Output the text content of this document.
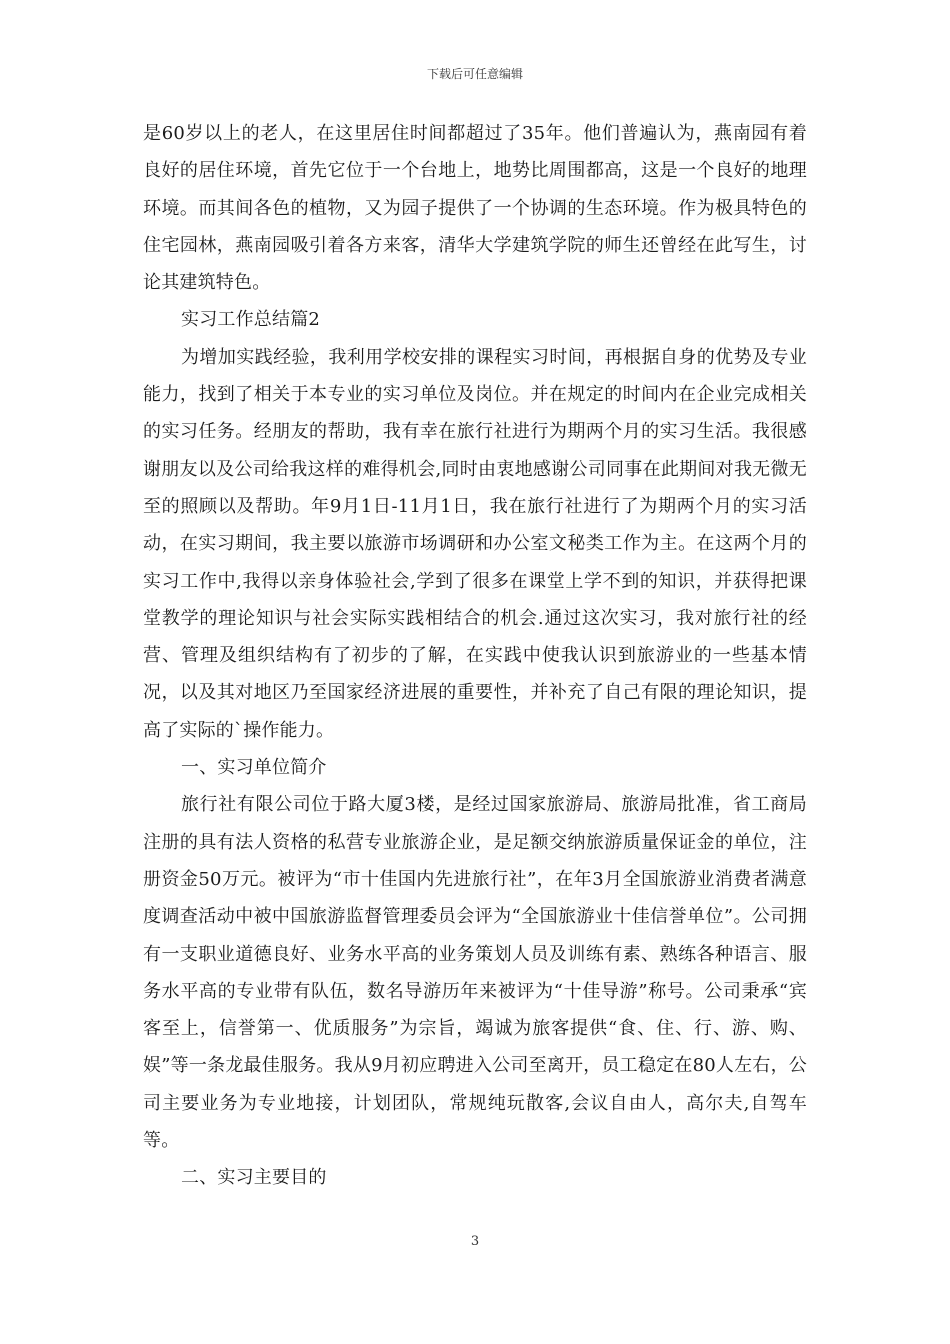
下载后可任意编辑

是60岁以上的老人，在这里居住时间都超过了35年。他们普遍认为，燕南园有着良好的居住环境，首先它位于一个台地上，地势比周围都高，这是一个良好的地理环境。而其间各色的植物，又为园子提供了一个协调的生态环境。作为极具特色的住宅园林，燕南园吸引着各方来客，清华大学建筑学院的师生还曾经在此写生，讨论其建筑特色。

实习工作总结篇2

为增加实践经验，我利用学校安排的课程实习时间，再根据自身的优势及专业能力，找到了相关于本专业的实习单位及岗位。并在规定的时间内在企业完成相关的实习任务。经朋友的帮助，我有幸在旅行社进行为期两个月的实习生活。我很感谢朋友以及公司给我这样的难得机会,同时由衷地感谢公司同事在此期间对我无微无至的照顾以及帮助。年9月1日-11月1日，我在旅行社进行了为期两个月的实习活动，在实习期间，我主要以旅游市场调研和办公室文秘类工作为主。在这两个月的实习工作中,我得以亲身体验社会,学到了很多在课堂上学不到的知识，并获得把课堂教学的理论知识与社会实际实践相结合的机会.通过这次实习，我对旅行社的经营、管理及组织结构有了初步的了解，在实践中使我认识到旅游业的一些基本情况，以及其对地区乃至国家经济进展的重要性，并补充了自己有限的理论知识，提高了实际的`操作能力。

一、实习单位简介

旅行社有限公司位于路大厦3楼，是经过国家旅游局、旅游局批准，省工商局注册的具有法人资格的私营专业旅游企业，是足额交纳旅游质量保证金的单位，注册资金50万元。被评为“市十佳国内先进旅行社”，在年3月全国旅游业消费者满意度调查活动中被中国旅游监督管理委员会评为“全国旅游业十佳信誉单位”。公司拥有一支职业道德良好、业务水平高的业务策划人员及训练有素、熟练各种语言、服务水平高的专业带有队伍，数名导游历年来被评为“十佳导游”称号。公司秉承“宾客至上，信誉第一、优质服务”为宗旨，竭诚为旅客提供“食、住、行、游、购、娱”等一条龙最佳服务。我从9月初应聘进入公司至离开，员工稳定在80人左右，公司主要业务为专业地接，计划团队，常规纯玩散客,会议自由人，高尔夫,自驾车等。

二、实习主要目的

3
